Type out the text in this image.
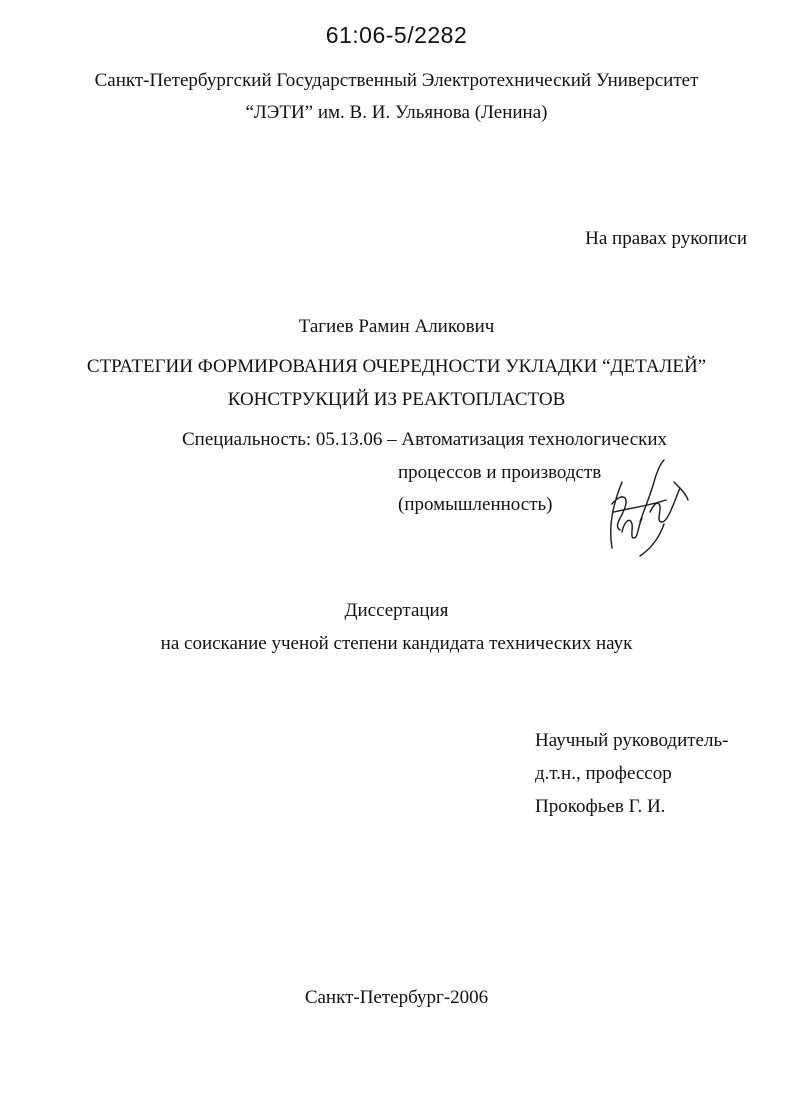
61:06-5/2282
Санкт-Петербургский Государственный Электротехнический Университет
“ЛЭТИ” им. В. И. Ульянова (Ленина)
На правах рукописи
Тагиев Рамин Аликович
СТРАТЕГИИ ФОРМИРОВАНИЯ ОЧЕРЕДНОСТИ УКЛАДКИ “ДЕТАЛЕЙ”
КОНСТРУКЦИЙ ИЗ РЕАКТОПЛАСТОВ
Специальность: 05.13.06 – Автоматизация технологических
процессов и производств
(промышленность)
Диссертация
на соискание ученой степени кандидата технических наук
Научный руководитель-
д.т.н., профессор
Прокофьев Г. И.
Санкт-Петербург-2006
